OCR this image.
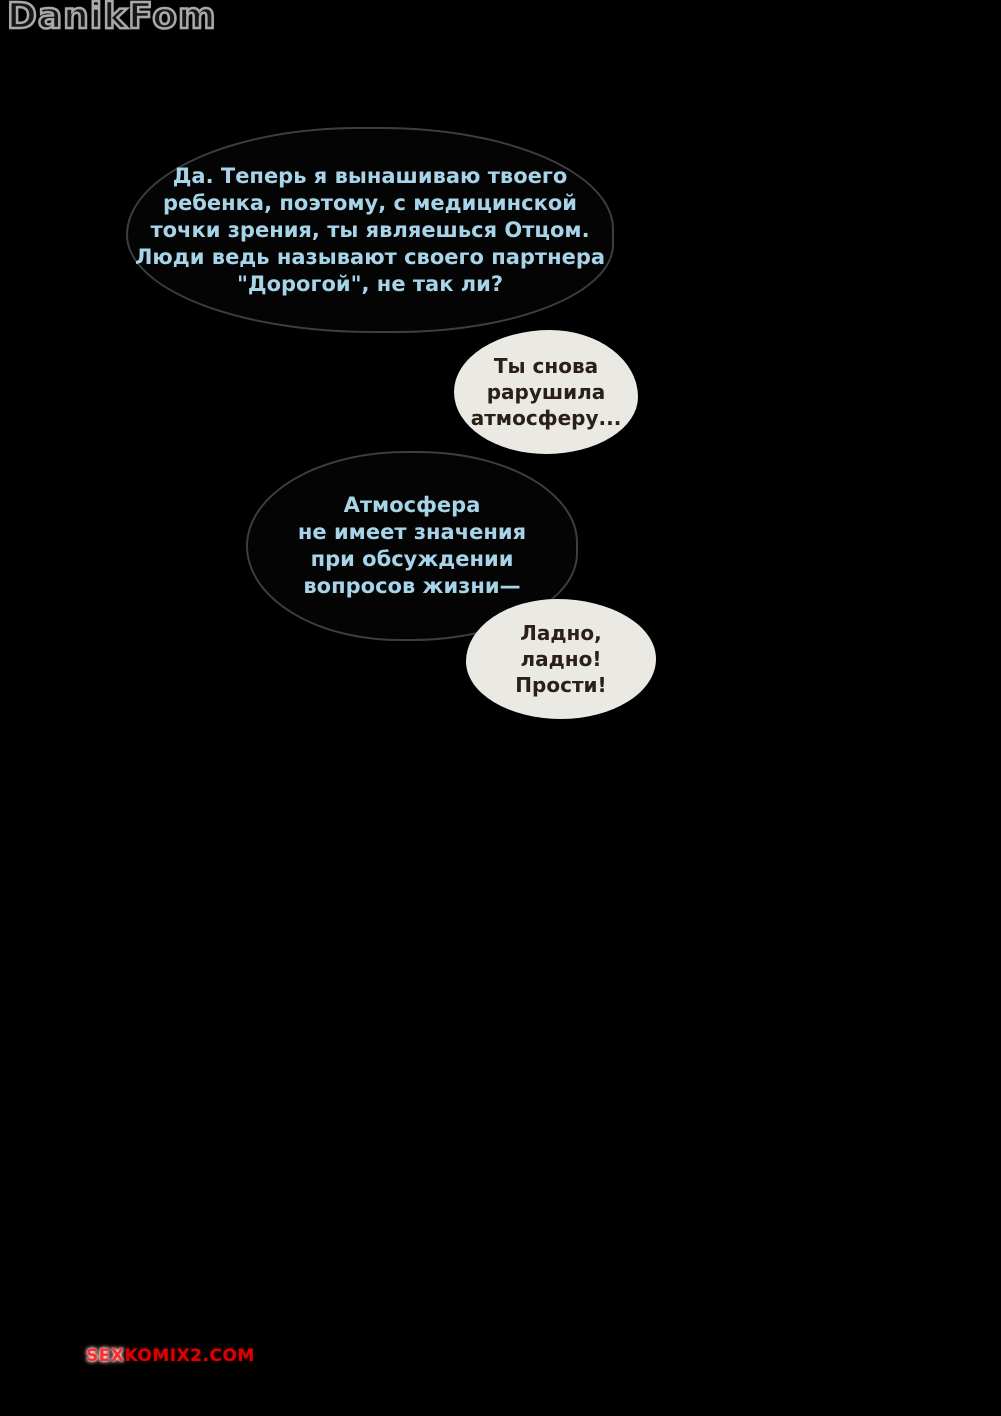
DanikFom
Да. Теперь я вынашиваю твоего
ребенка, поэтому, с медицинской
точки зрения, ты являешься Отцом.
Люди ведь называют своего партнера
"Дорогой", не так ли?
Ты снова
рарушила
атмосферу...
Атмосфера
не имеет значения
при обсуждении
вопросов жизни—
Ладно,
ладно!
Прости!
SEXKOMIX2.COM
